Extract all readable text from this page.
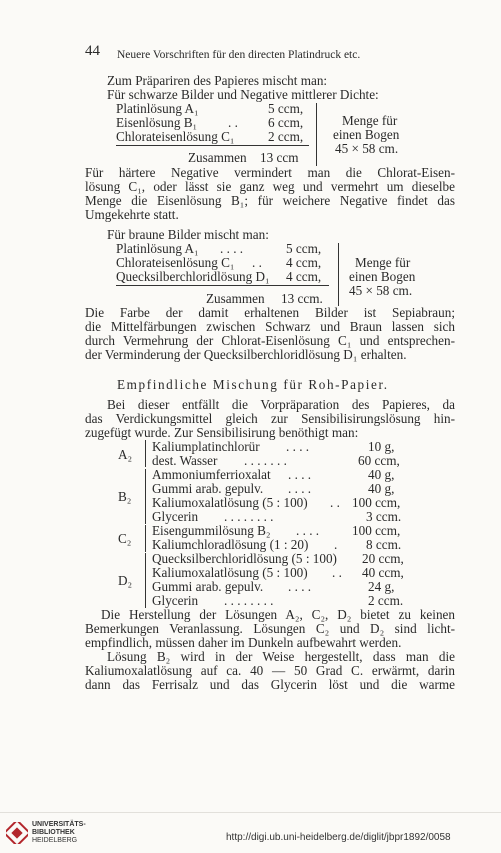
44 Neuere Vorschriften für den directen Platindruck etc.
Zum Präpariren des Papieres mischt man:
Für schwarze Bilder und Negative mittlerer Dichte:
Platinlösung A₁	5 ccm,
Eisenlösung B₁ . . 6 ccm,
Chlorateisenlösung C₁	2 ccm,
Zusammen 13 ccm
Menge für
einen Bogen
45 × 58 cm.
Für härtere Negative vermindert man die Chlorat-Eisen-
lösung C₁, oder lässt sie ganz weg und vermehrt um dieselbe
Menge die Eisenlösung B₁; für weichere Negative findet das
Umgekehrte statt.
Für braune Bilder mischt man:
Platinlösung A₁ . . . .	5 ccm,
Chlorateisenlösung C₁ . . 4 ccm,
Quecksilberchloridlösung D₁ 4 ccm,
Zusammen 13 ccm.
Menge für
einen Bogen
45 × 58 cm.
Die Farbe der damit erhaltenen Bilder ist Sepiabraun;
die Mittelfärbungen zwischen Schwarz und Braun lassen sich
durch Vermehrung der Chlorat-Eisenlösung C₁ und entsprechen-
der Verminderung der Quecksilberchloridlösung D₁ erhalten.
Empfindliche Mischung für Roh-Papier.
Bei dieser entfällt die Vorpräparation des Papieres, da
das Verdickungsmittel gleich zur Sensibilisirungslösung hin-
zugefügt wurde. Zur Sensibilisirung benöthigt man:
A₂
Kaliumplatinchlorür . . . .	10 g,
dest. Wasser . . . . . . .	60 ccm,
B₂
Ammoniumferrioxalat . . . .	40 g,
Gummi arab. gepulv. . . . .	40 g,
Kaliumoxalatlösung (5 : 100) . . 100 ccm,
Glycerin . . . . . . . .	3 ccm.
C₂
Eisengummilösung B₂ . . . . 100 ccm,
Kaliumchloradlösung (1 : 20) . 8 ccm.
D₂
Quecksilberchloridlösung (5 : 100) 20 ccm,
Kaliumoxalatlösung (5 : 100) . . 40 ccm,
Gummi arab. gepulv. . . . .	24 g,
Glycerin . . . . . . . .	2 ccm.
Die Herstellung der Lösungen A₂, C₂, D₂ bietet zu keinen
Bemerkungen Veranlassung. Lösungen C₂ und D₂ sind licht-
empfindlich, müssen daher im Dunkeln aufbewahrt werden.
Lösung B₂ wird in der Weise hergestellt, dass man die
Kaliumoxalatlösung auf ca. 40 — 50 Grad C. erwärmt, darin
dann das Ferrisalz und das Glycerin löst und die warme
UNIVERSITÄTS-
BIBLIOTHEK
HEIDELBERG	http://digi.ub.uni-heidelberg.de/diglit/jbpr1892/0058
